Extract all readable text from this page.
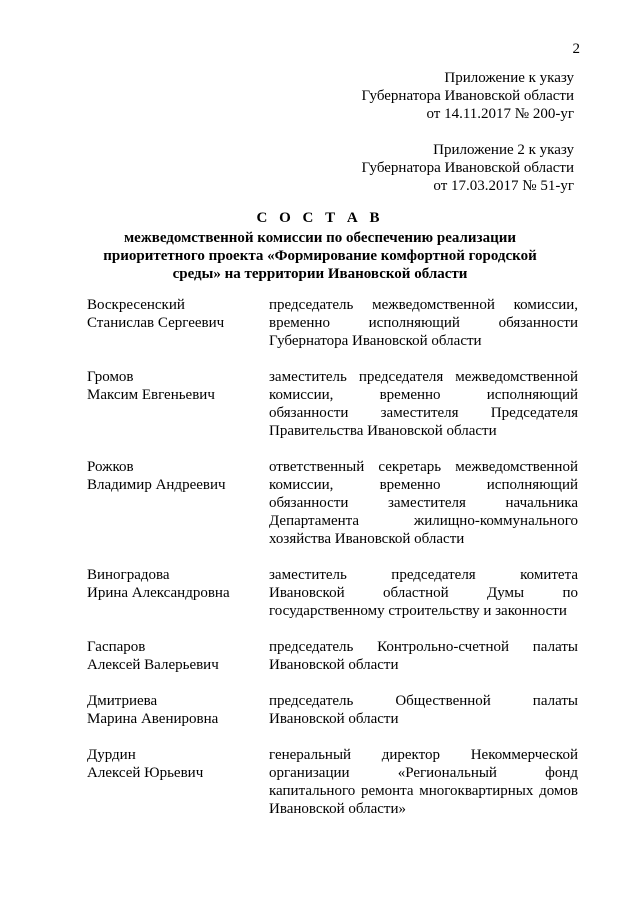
2
Приложение к указу
Губернатора Ивановской области
от 14.11.2017 № 200-уг
Приложение 2 к указу
Губернатора Ивановской области
от 17.03.2017 № 51-уг
С О С Т А В
межведомственной комиссии по обеспечению реализации
приоритетного проекта «Формирование комфортной городской
среды» на территории Ивановской области
Воскресенский
Станислав Сергеевич
председатель межведомственной комиссии,
временно исполняющий обязанности
Губернатора Ивановской области
Громов
Максим Евгеньевич
заместитель председателя межведомственной
комиссии, временно исполняющий
обязанности заместителя Председателя
Правительства Ивановской области
Рожков
Владимир Андреевич
ответственный секретарь межведомственной
комиссии, временно исполняющий
обязанности заместителя начальника
Департамента жилищно-коммунального
хозяйства Ивановской области
Виноградова
Ирина Александровна
заместитель председателя комитета
Ивановской областной Думы по
государственному строительству и законности
Гаспаров
Алексей Валерьевич
председатель Контрольно-счетной палаты
Ивановской области
Дмитриева
Марина Авенировна
председатель Общественной палаты
Ивановской области
Дурдин
Алексей Юрьевич
генеральный директор Некоммерческой
организации «Региональный фонд
капитального ремонта многоквартирных домов
Ивановской области»
